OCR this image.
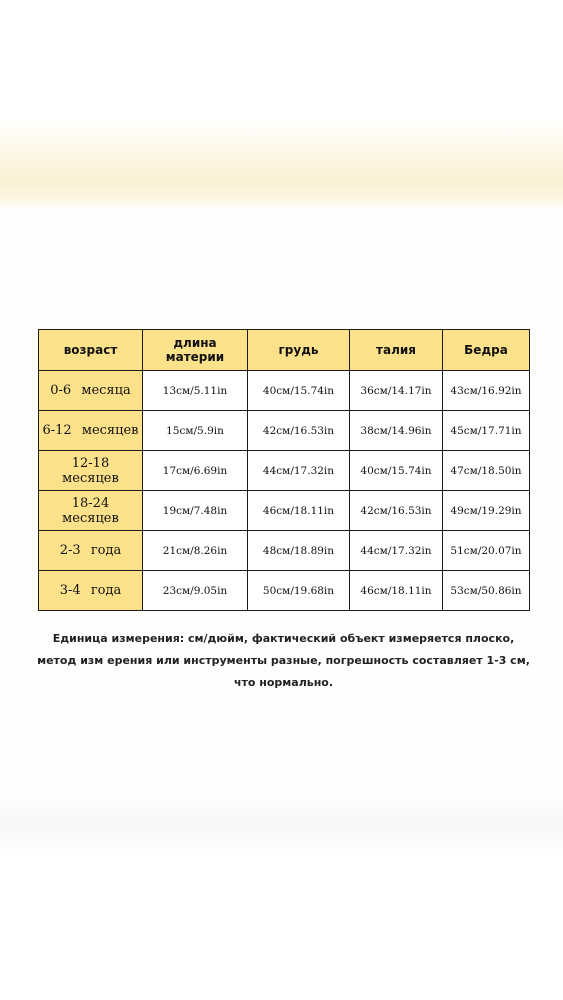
возраст	длина материи	грудь	талия	Бедра
0-6 месяца	13см/5.11in	40см/15.74in	36см/14.17in	43см/16.92in
6-12 месяцев	15см/5.9in	42см/16.53in	38см/14.96in	45см/17.71in
12-18 месяцев	17см/6.69in	44см/17.32in	40см/15.74in	47см/18.50in
18-24 месяцев	19см/7.48in	46см/18.11in	42см/16.53in	49см/19.29in
2-3 года	21см/8.26in	48см/18.89in	44см/17.32in	51см/20.07in
3-4 года	23см/9.05in	50см/19.68in	46см/18.11in	53см/50.86in
Единица измерения: см/дюйм, фактический объект измеряется плоско, метод изм ерения или инструменты разные, погрешность составляет 1-3 см, что нормально.
